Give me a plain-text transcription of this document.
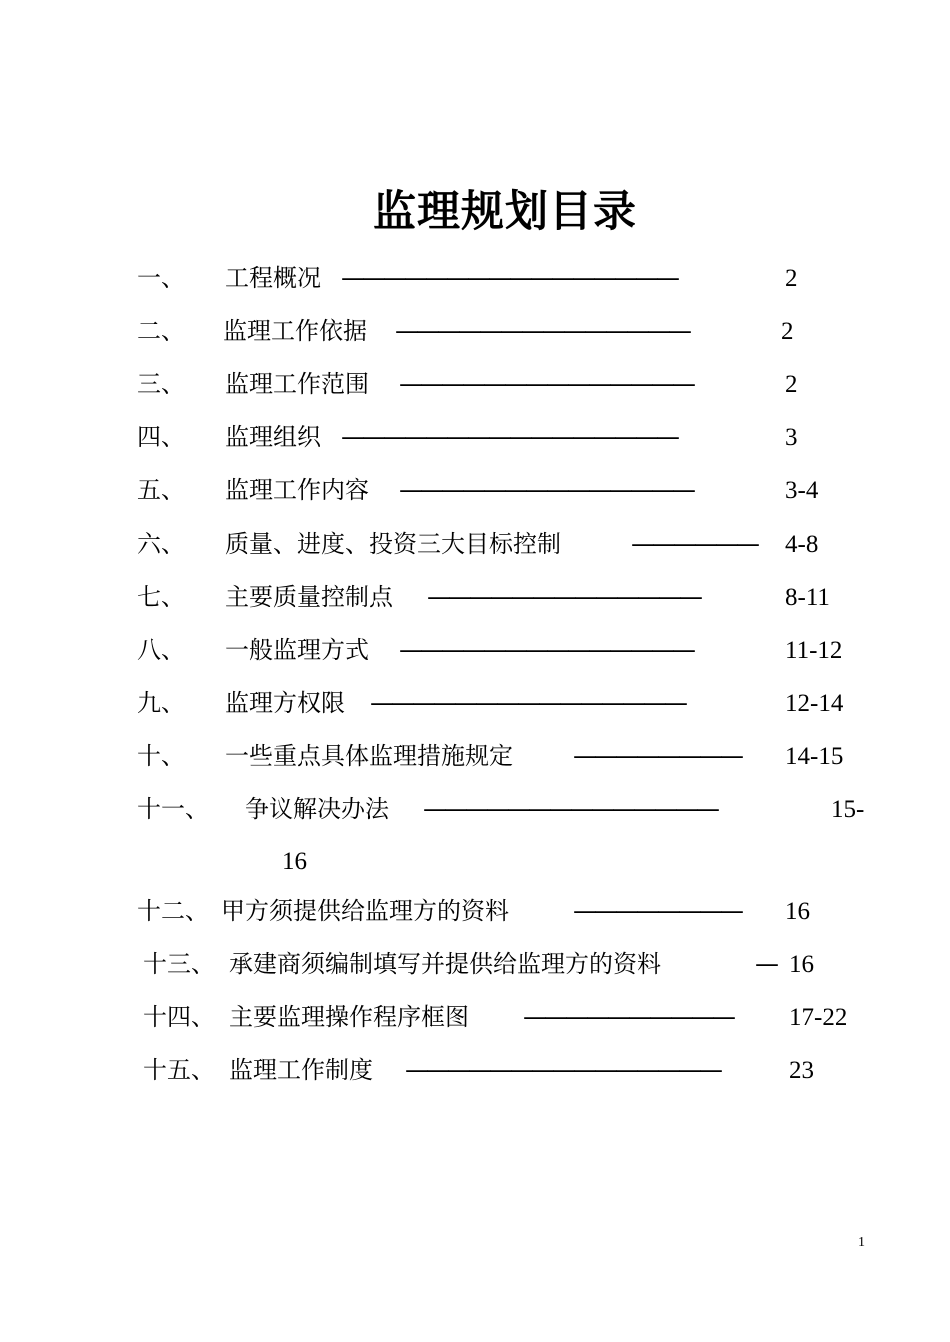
监理规划目录
一、 工程概况 ————————————————	2
二、 监理工作依据 ——————————————	2
三、 监理工作范围 ——————————————	2
四、 监理组织 ————————————————	3
五、 监理工作内容 ——————————————	3-4
六、 质量、进度、投资三大目标控制	—————— 4-8
七、 主要质量控制点 —————————————	8-11
八、 一般监理方式 ——————————————	11-12
九、 监理方权限 ———————————————	12-14
十、 一些重点具体监理措施规定	———————— 14-15
十一、 争议解决办法 ——————————————	15-
16
十二、 甲方须提供给监理方的资料	———————— 16
十三、 承建商须编制填写并提供给监理方的资料	— 16
十四、 主要监理操作程序框图 —————————— 17-22
十五、 监理工作制度 ———————————————	23
1
